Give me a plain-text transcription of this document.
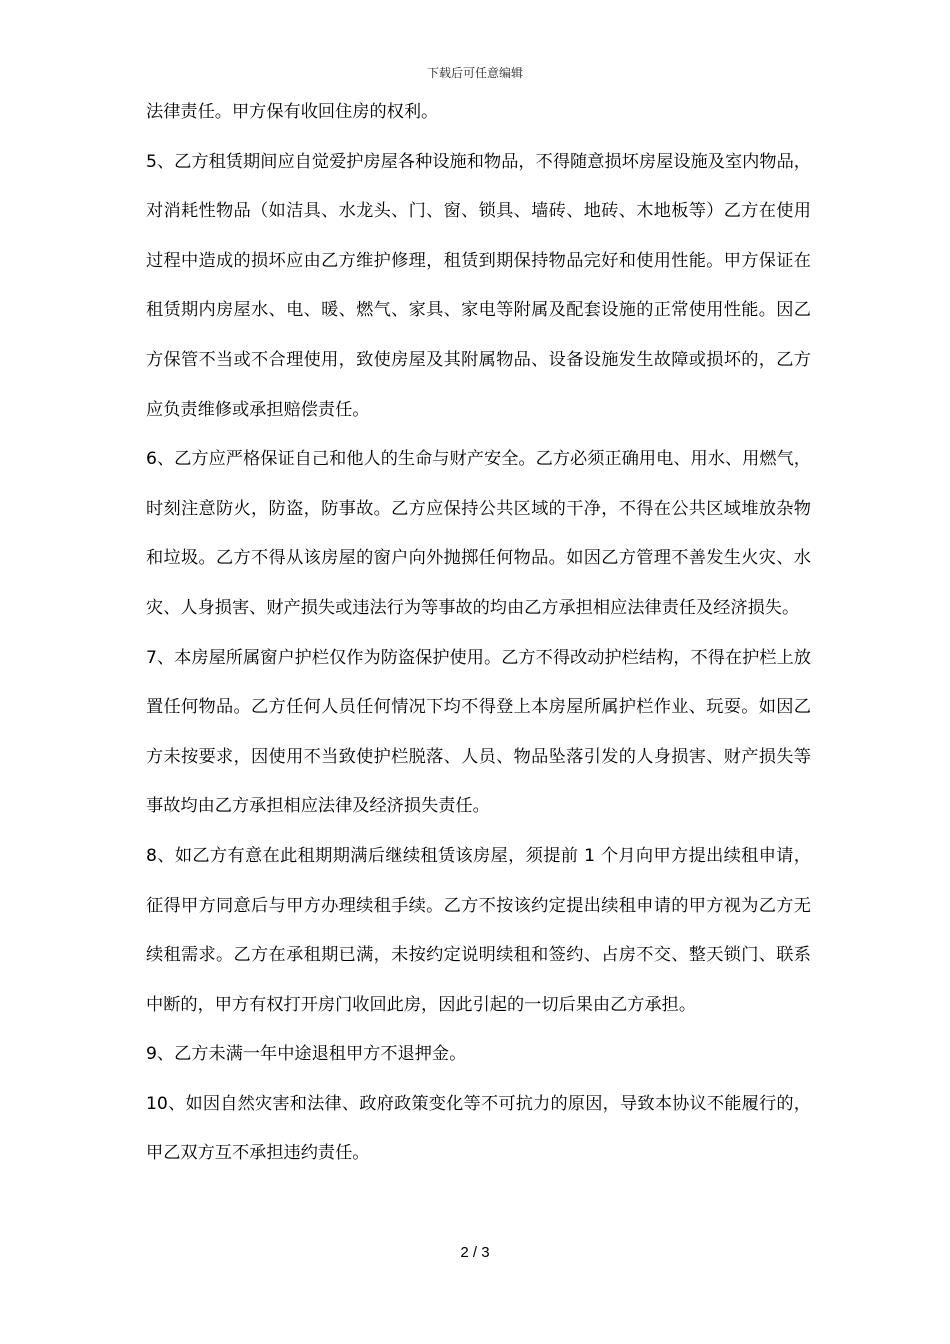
下载后可任意编辑

法律责任。甲方保有收回住房的权利。

5、乙方租赁期间应自觉爱护房屋各种设施和物品，不得随意损坏房屋设施及室内物品，对消耗性物品（如洁具、水龙头、门、窗、锁具、墙砖、地砖、木地板等）乙方在使用过程中造成的损坏应由乙方维护修理，租赁到期保持物品完好和使用性能。甲方保证在租赁期内房屋水、电、暖、燃气、家具、家电等附属及配套设施的正常使用性能。因乙方保管不当或不合理使用，致使房屋及其附属物品、设备设施发生故障或损坏的，乙方应负责维修或承担赔偿责任。

6、乙方应严格保证自己和他人的生命与财产安全。乙方必须正确用电、用水、用燃气，时刻注意防火，防盗，防事故。乙方应保持公共区域的干净，不得在公共区域堆放杂物和垃圾。乙方不得从该房屋的窗户向外抛掷任何物品。如因乙方管理不善发生火灾、水灾、人身损害、财产损失或违法行为等事故的均由乙方承担相应法律责任及经济损失。

7、本房屋所属窗户护栏仅作为防盗保护使用。乙方不得改动护栏结构，不得在护栏上放置任何物品。乙方任何人员任何情况下均不得登上本房屋所属护栏作业、玩耍。如因乙方未按要求，因使用不当致使护栏脱落、人员、物品坠落引发的人身损害、财产损失等事故均由乙方承担相应法律及经济损失责任。

8、如乙方有意在此租期期满后继续租赁该房屋，须提前 1 个月向甲方提出续租申请，征得甲方同意后与甲方办理续租手续。乙方不按该约定提出续租申请的甲方视为乙方无续租需求。乙方在承租期已满，未按约定说明续租和签约、占房不交、整天锁门、联系中断的，甲方有权打开房门收回此房，因此引起的一切后果由乙方承担。

9、乙方未满一年中途退租甲方不退押金。

10、如因自然灾害和法律、政府政策变化等不可抗力的原因，导致本协议不能履行的，甲乙双方互不承担违约责任。

2 / 3
